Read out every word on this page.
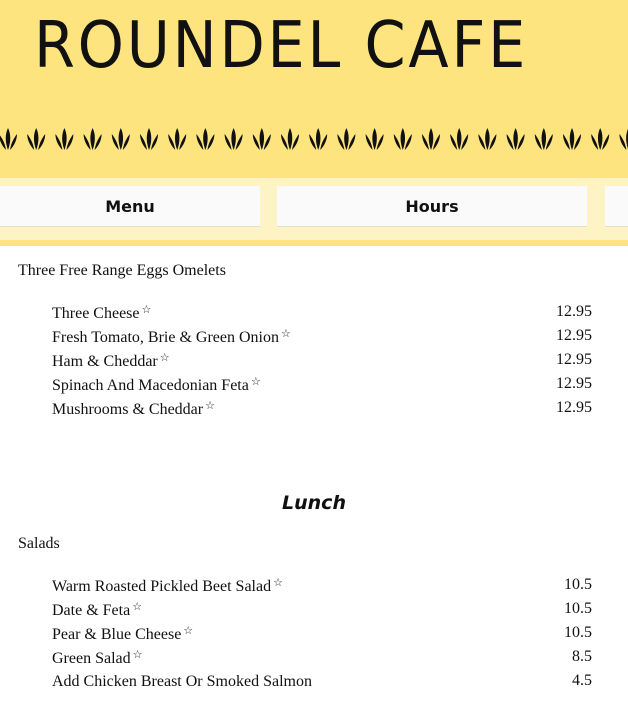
ROUNDEL CAFE
Menu	Hours
Three Free Range Eggs Omelets
Three Cheese ☆	12.95
Fresh Tomato, Brie & Green Onion ☆	12.95
Ham & Cheddar ☆	12.95
Spinach And Macedonian Feta ☆	12.95
Mushrooms & Cheddar ☆	12.95
Lunch
Salads
Warm Roasted Pickled Beet Salad ☆	10.5
Date & Feta ☆	10.5
Pear & Blue Cheese ☆	10.5
Green Salad ☆	8.5
Add Chicken Breast Or Smoked Salmon	4.5
